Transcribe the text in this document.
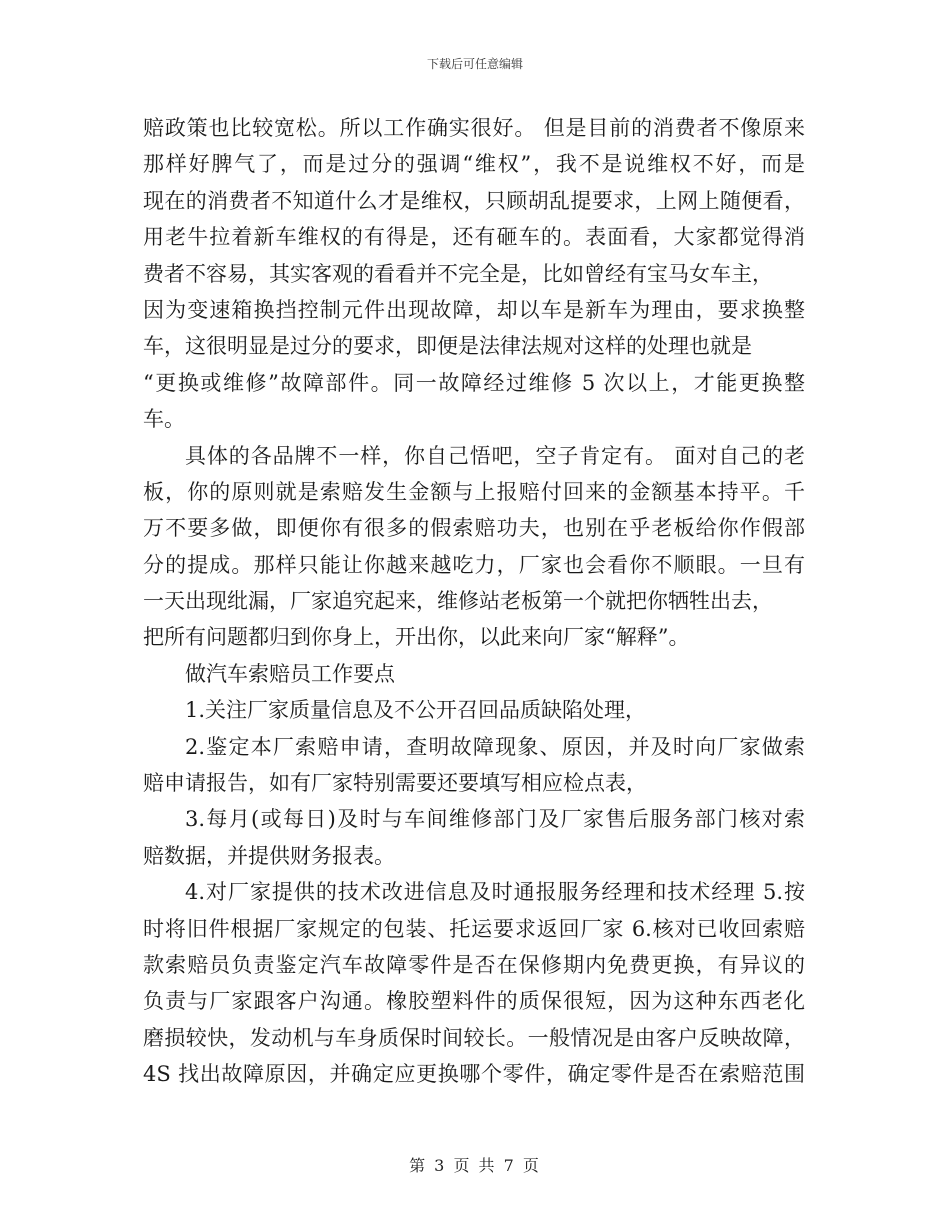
下载后可任意编辑
赔政策也比较宽松。所以工作确实很好。 但是目前的消费者不像原来
那样好脾气了，而是过分的强调“维权”，我不是说维权不好，而是
现在的消费者不知道什么才是维权，只顾胡乱提要求，上网上随便看，
用老牛拉着新车维权的有得是，还有砸车的。表面看，大家都觉得消
费者不容易，其实客观的看看并不完全是，比如曾经有宝马女车主，
因为变速箱换挡控制元件出现故障，却以车是新车为理由，要求换整
车，这很明显是过分的要求，即便是法律法规对这样的处理也就是
“更换或维修”故障部件。同一故障经过维修 5 次以上，才能更换整
车。
具体的各品牌不一样，你自己悟吧，空子肯定有。 面对自己的老
板，你的原则就是索赔发生金额与上报赔付回来的金额基本持平。千
万不要多做，即便你有很多的假索赔功夫，也别在乎老板给你作假部
分的提成。那样只能让你越来越吃力，厂家也会看你不顺眼。一旦有
一天出现纰漏，厂家追究起来，维修站老板第一个就把你牺牲出去，
把所有问题都归到你身上，开出你，以此来向厂家“解释”。
做汽车索赔员工作要点
1.关注厂家质量信息及不公开召回品质缺陷处理，
2.鉴定本厂索赔申请，查明故障现象、原因，并及时向厂家做索
赔申请报告，如有厂家特别需要还要填写相应检点表，
3.每月(或每日)及时与车间维修部门及厂家售后服务部门核对索
赔数据，并提供财务报表。
4.对厂家提供的技术改进信息及时通报服务经理和技术经理 5.按
时将旧件根据厂家规定的包装、托运要求返回厂家 6.核对已收回索赔
款索赔员负责鉴定汽车故障零件是否在保修期内免费更换，有异议的
负责与厂家跟客户沟通。橡胶塑料件的质保很短，因为这种东西老化
磨损较快，发动机与车身质保时间较长。一般情况是由客户反映故障，
4S 找出故障原因，并确定应更换哪个零件，确定零件是否在索赔范围
第 3 页 共 7 页
